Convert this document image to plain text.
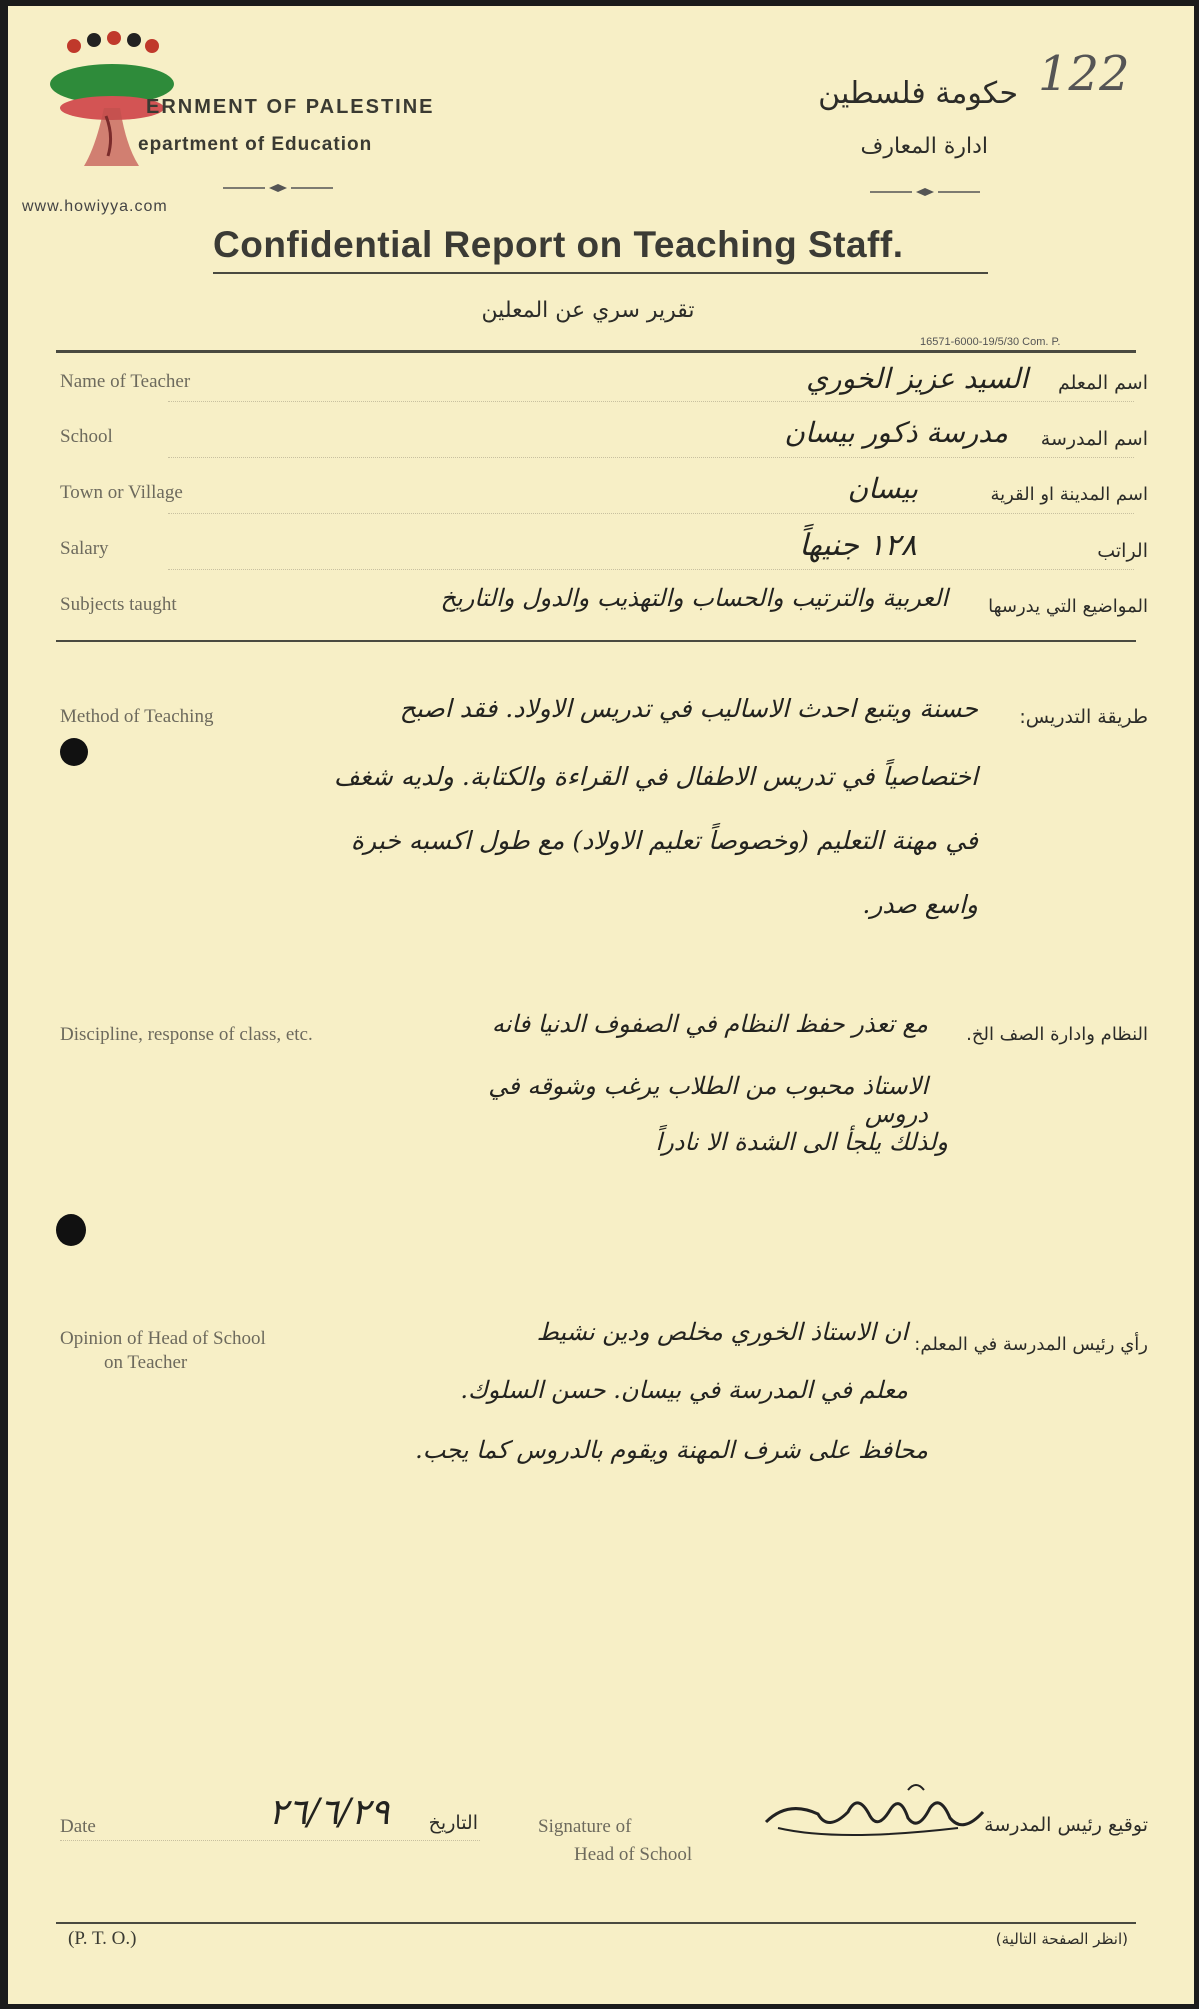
www.howiyya.com
122
ERNMENT OF PALESTINE
epartment of Education
حكومة فلسطين
ادارة المعارف
Confidential Report on Teaching Staff.
تقرير سري عن المعلين
16571-6000-19/5/30 Com. P.
Name of Teacher	السيد عزيز الخوري	اسم المعلم
School	مدرسة ذكور بيسان	اسم المدرسة
Town or Village	بيسان	اسم المدينة او القرية
Salary	١٢٨ جنيهاً	الراتب
Subjects taught	العربية والترتيب والحساب والتهذيب والدول والتاريخ	المواضيع التي يدرسها
Method of Teaching	طريقة التدريس:
حسنة ويتبع احدث الاساليب في تدريس الاولاد. فقد اصبح
اختصاصياً في تدريس الاطفال في القراءة والكتابة. ولديه شغف
في مهنة التعليم (وخصوصاً تعليم الاولاد) مع طول اكسبه خبرة
واسع صدر.
Discipline, response of class, etc.	النظام وادارة الصف الخ.
مع تعذر حفظ النظام في الصفوف الدنيا فانه
الاستاذ محبوب من الطلاب يرغب وشوقه في دروس
ولذلك يلجأ الى الشدة الا نادراً
Opinion of Head of School
on Teacher
رأي رئيس المدرسة في المعلم:
ان الاستاذ الخوري مخلص ودين نشيط
معلم في المدرسة في بيسان. حسن السلوك.
محافظ على شرف المهنة ويقوم بالدروس كما يجب.
Date	٢٦/٦/٢٩	التاريخ	Signature of
Head of School
توقيع رئيس المدرسة
(P. T. O.)	(انظر الصفحة التالية)
